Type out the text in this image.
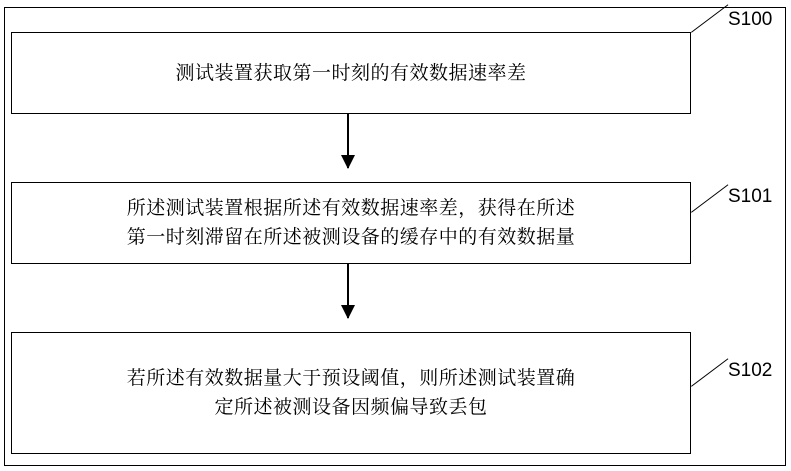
测试装置获取第一时刻的有效数据速率差
S100
所述测试装置根据所述有效数据速率差，获得在所述
第一时刻滞留在所述被测设备的缓存中的有效数据量
S101
若所述有效数据量大于预设阈值，则所述测试装置确
定所述被测设备因频偏导致丢包
S102
